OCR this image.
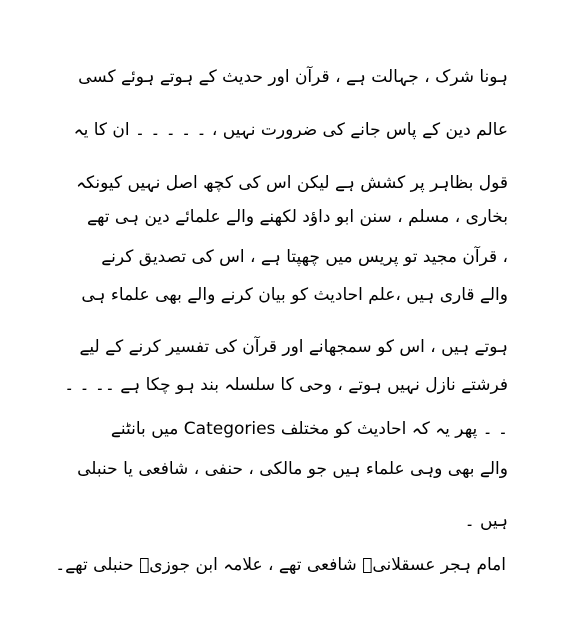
ہونا شرک ، جہالت ہے ، قرآن اور حدیث کے ہوتے ہوئے کسی
عالم دین کے پاس جانے کی ضرورت نہیں ، ۔ ۔ ۔ ۔ ۔ ان کا یہ
قول بظاہر پر کشش ہے لیکن اس کی کچھ اصل نہیں کیونکہ
بخاری ، مسلم ، سنن ابو داؤد لکھنے والے علمائے دین ہی تھے
، قرآن مجید تو پریس میں چھپتا ہے ، اس کی تصدیق کرنے
والے قاری ہیں ،علم احادیث کو بیان کرنے والے بھی علماء ہی
ہوتے ہیں ، اس کو سمجھانے اور قرآن کی تفسیر کرنے کے لیے
فرشتے نازل نہیں ہوتے ، وحی کا سلسلہ بند ہو چکا ہے ۔۔ ۔ ۔
۔ ۔ پھر یہ کہ احادیث کو مختلف Categories میں بانٹنے
والے بھی وہی علماء ہیں جو مالکی ، حنفی ، شافعی یا حنبلی
ہیں ۔
امام ہجر عسقلانیؒ شافعی تھے ، علامہ ابن جوزیؒ حنبلی تھے۔
